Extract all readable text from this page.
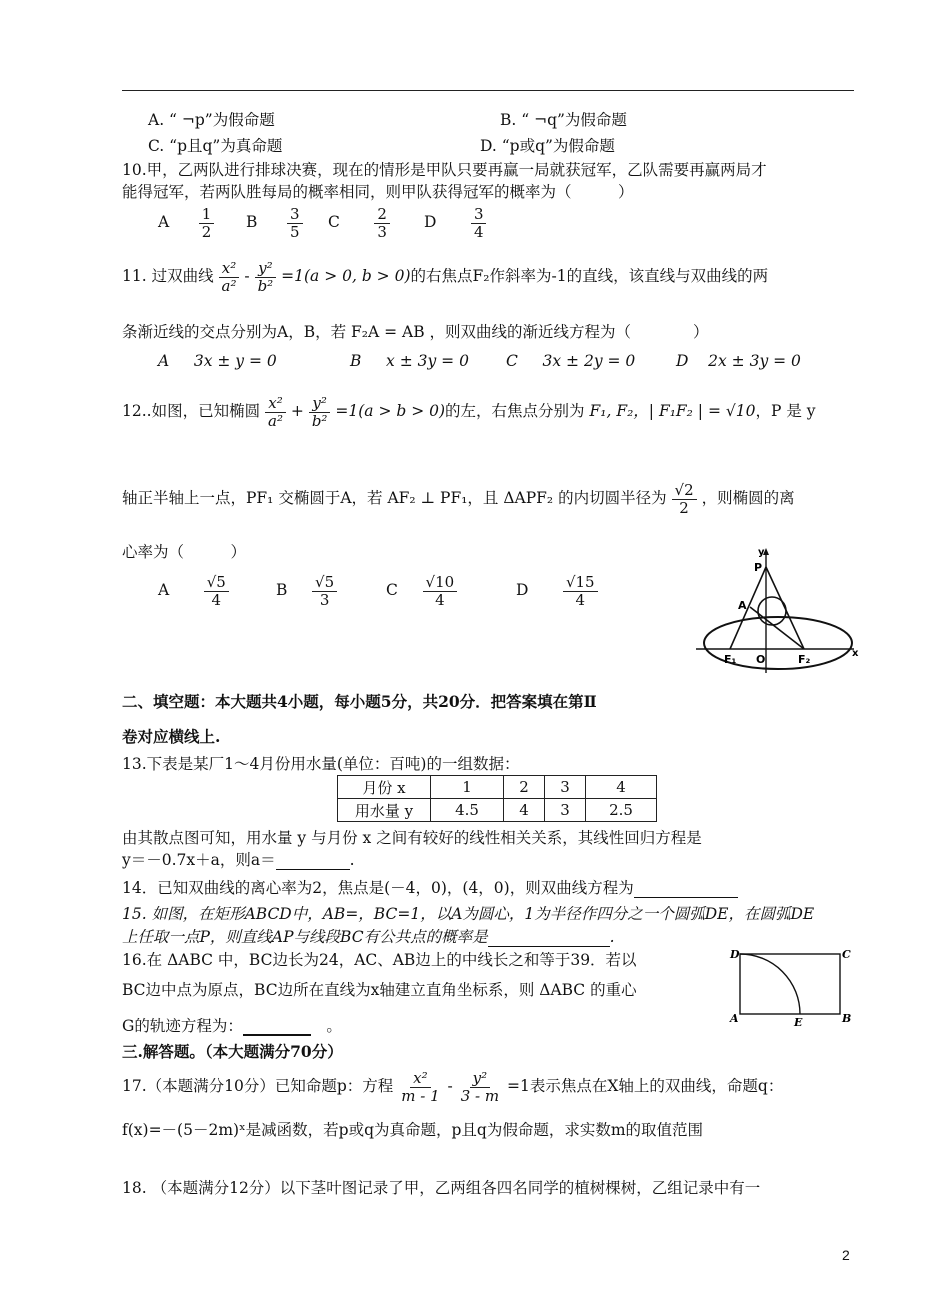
A. “ ¬p”为假命题	B. “ ¬q”为假命题
C. “p且q”为真命题	D. “p或q”为假命题
10.甲，乙两队进行排球决赛，现在的情形是甲队只要再赢一局就获冠军，乙队需要再赢两局才
能得冠军，若两队胜每局的概率相同，则甲队获得冠军的概率为（　　　）
A $\frac{1}{2}$ B $\frac{3}{5}$ C $\frac{2}{3}$ D $\frac{3}{4}$
11. 过双曲线 $\frac{\text{x²}}{\text{a²}} - \frac{\text{y²}}{\text{b²}} =1(a > 0$, b > 0)的右焦点F₂作斜率为-1的直线，该直线与双曲线的两
条渐近线的交点分别为A，B，若 F₂A = AB ，则双曲线的渐近线方程为（　　　　）
A 3x ± y = 0	B x ± 3y = 0 C 3x ± 2y = 0	D 2x ± 3y = 0
12..如图，已知椭圆 $\frac{\text{x²}}{\text{a²}} + \frac{\text{y²}}{\text{b²}} =1(a > b > 0)$的左，右焦点分别为 F₁, F₂，| F₁F₂ | = √10，P 是 y
轴正半轴上一点，PF₁ 交椭圆于A，若 AF₂ ⊥ PF₁，且 ΔAPF₂ 的内切圆半径为 $\frac{√2}{2}$ ，则椭圆的离
心率为（　　　）
A $\frac{√5}{4}$	B $\frac{√5}{3}$	C $\frac{√10}{4}$	D $\frac{√15}{4}$
y
P
A
F₁ O	F₂	x
二、填空题：本大题共4小题，每小题5分，共20分．把答案填在第Ⅱ
卷对应横线上.
13.下表是某厂1～4月份用水量(单位：百吨)的一组数据：
月份 x	1	2	3	4
用水量 y	4.5	4	3	2.5
由其散点图可知，用水量 y 与月份 x 之间有较好的线性相关关系，其线性回归方程是
y＝－0.7x＋a，则a＝	.
14．已知双曲线的离心率为2，焦点是(－4，0)，(4，0)，则双曲线方程为
15. 如图，在矩形ABCD中，AB=，BC=1，以A为圆心，1为半径作四分之一个圆弧DE，在圆弧DE
上任取一点P，则直线AP与线段BC有公共点的概率是	.
16.在 ΔABC 中，BC边长为24，AC、AB边上的中线长之和等于39．若以
BC边中点为原点，BC边所在直线为x轴建立直角坐标系，则 ΔABC 的重心
G的轨迹方程为：	　。
D	C
A	E	B
三.解答题。（本大题满分70分）
17.（本题满分10分）已知命题p：方程 $\frac{\text{x²}}{m - 1} - \frac{\text{y²}}{3 - m} =1$表示焦点在X轴上的双曲线，命题q：
f(x)=－(5－2m)ˣ是减函数，若p或q为真命题，p且q为假命题，求实数m的取值范围
18. （本题满分12分）以下茎叶图记录了甲，乙两组各四名同学的植树棵树，乙组记录中有一
2
